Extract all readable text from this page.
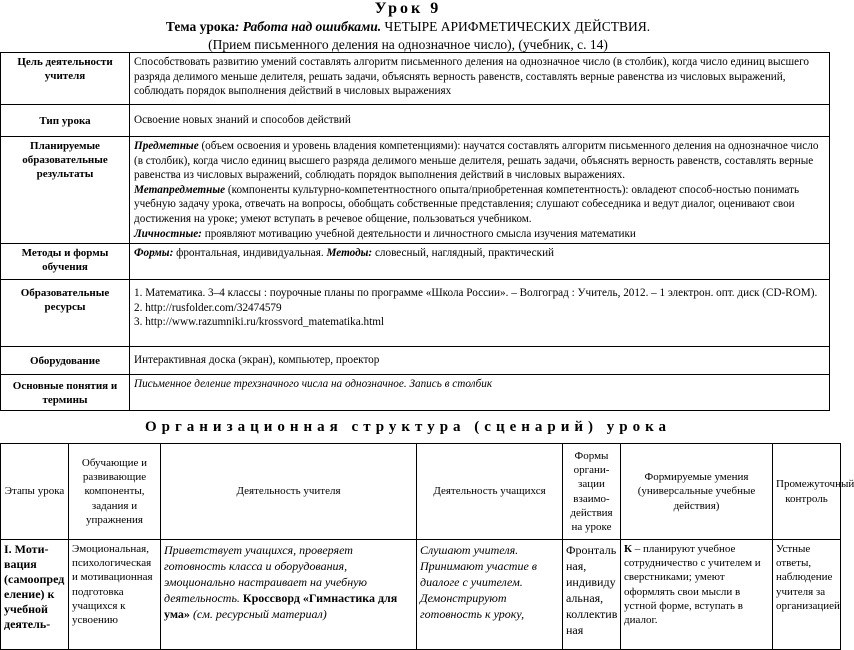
Урок 9
Тема урока: Работа над ошибками. ЧЕТЫРЕ АРИФМЕТИЧЕСКИХ ДЕЙСТВИЯ.
(Прием письменного деления на однозначное число), (учебник, с. 14)
Цель деятельности учителя	Способствовать развитию умений составлять алгоритм письменного деления на однозначное число (в столбик), когда число единиц высшего разряда делимого меньше делителя, решать задачи, объяснять верность равенств, составлять верные равенства из числовых выражений, соблюдать порядок выполнения действий в числовых выражениях
Тип урока	Освоение новых знаний и способов действий
Планируемые образовательные результаты	Предметные (объем освоения и уровень владения компетенциями): научатся составлять алгоритм письменного деления на однозначное число (в столбик), когда число единиц высшего разряда делимого меньше делителя, решать задачи, объяснять верность равенств, составлять верные равенства из числовых выражений, соблюдать порядок выполнения действий в числовых выражениях.

Метапредметные (компоненты культурно-компетентностного опыта/приобретенная компетентность): овладеют способ-ностью понимать учебную задачу урока, отвечать на вопросы, обобщать собственные представления; слушают собеседника и ведут диалог, оценивают свои достижения на уроке; умеют вступать в речевое общение, пользоваться учебником.

Личностные: проявляют мотивацию учебной деятельности и личностного смысла изучения математики

Методы и формы обучения	Формы: фронтальная, индивидуальная. Методы: словесный, наглядный, практический
Образовательные ресурсы	1. Математика. 3–4 классы : поурочные планы по программе «Школа России». – Волгоград : Учитель, 2012. – 1 электрон. опт. диск (CD-ROM).

2. http://rusfolder.com/32474579

3. http://www.razumniki.ru/krossvord_matematika.html

Оборудование	Интерактивная доска (экран), компьютер, проектор
Основные понятия и термины	Письменное деление трехзначного числа на однозначное. Запись в столбик
Организационная структура (сценарий) урока
Этапы урока	Обучающие и развивающие компоненты, задания и упражнения	Деятельность учителя	Деятельность учащихся	Формы органи-зации взаимо-действия на уроке	Формируемые умения (универсальные учебные действия)	Промежуточный контроль
I. Моти-вация (самоопред еление) к учебной деятель-	Эмоциональная, психологическая и мотивационная подготовка учащихся к усвоению	Приветствует учащихся, проверяет готовность класса и оборудования, эмоционально настраивает на учебную деятельность. Кроссворд «Гимнастика для ума» (см. ресурсный материал)	Слушают учителя. Принимают участие в диалоге с учителем. Демонстрируют готовность к уроку,	Фронталь ная, индивиду альная, коллектив ная	К – планируют учебное сотрудничество с учителем и сверстниками; умеют оформлять свои мысли в устной форме, вступать в диалог.	Устные ответы, наблюдение учителя за организацией
